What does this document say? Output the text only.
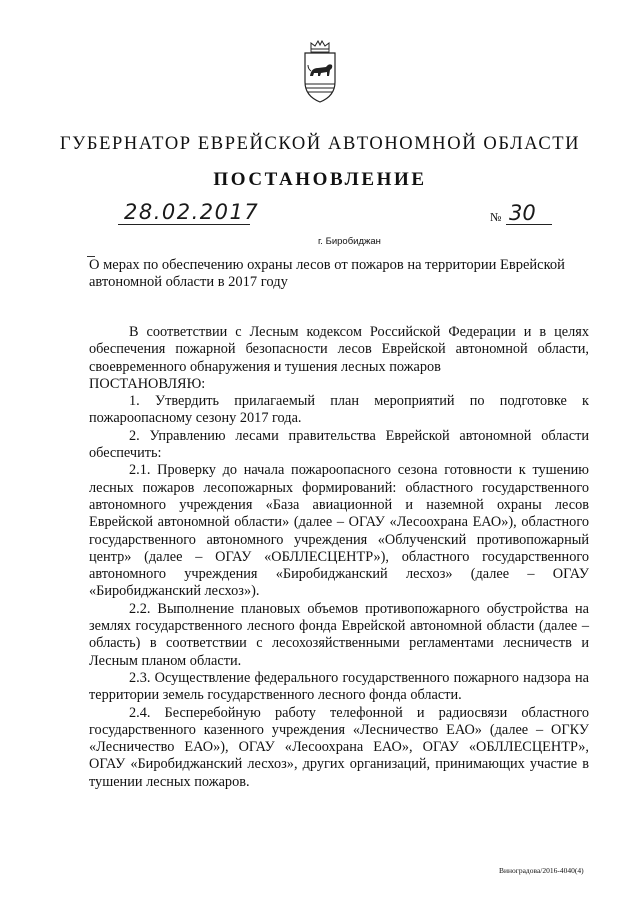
ГУБЕРНАТОР ЕВРЕЙСКОЙ АВТОНОМНОЙ ОБЛАСТИ
ПОСТАНОВЛЕНИЕ
28.02.2017	№ 30
г. Биробиджан
О мерах по обеспечению охраны лесов от пожаров на территории Еврейской автономной области в 2017 году

В соответствии с Лесным кодексом Российской Федерации и в целях обеспечения пожарной безопасности лесов Еврейской автономной области, своевременного обнаружения и тушения лесных пожаров

ПОСТАНОВЛЯЮ:

1. Утвердить прилагаемый план мероприятий по подготовке к пожароопасному сезону 2017 года.

2. Управлению лесами правительства Еврейской автономной области обеспечить:

2.1. Проверку до начала пожароопасного сезона готовности к тушению лесных пожаров лесопожарных формирований: областного государственного автономного учреждения «База авиационной и наземной охраны лесов Еврейской автономной области» (далее – ОГАУ «Лесоохрана ЕАО»), областного государственного автономного учреждения «Облученский противопожарный центр» (далее – ОГАУ «ОБЛЛЕСЦЕНТР»), областного государственного автономного учреждения «Биробиджанский лесхоз» (далее – ОГАУ «Биробиджанский лесхоз»).

2.2. Выполнение плановых объемов противопожарного обустройства на землях государственного лесного фонда Еврейской автономной области (далее – область) в соответствии с лесохозяйственными регламентами лесничеств и Лесным планом области.

2.3. Осуществление федерального государственного пожарного надзора на территории земель государственного лесного фонда области.

2.4. Бесперебойную работу телефонной и радиосвязи областного государственного казенного учреждения «Лесничество ЕАО» (далее – ОГКУ «Лесничество ЕАО»), ОГАУ «Лесоохрана ЕАО», ОГАУ «ОБЛЛЕСЦЕНТР», ОГАУ «Биробиджанский лесхоз», других организаций, принимающих участие в тушении лесных пожаров.

Виноградова/2016-4040(4)
